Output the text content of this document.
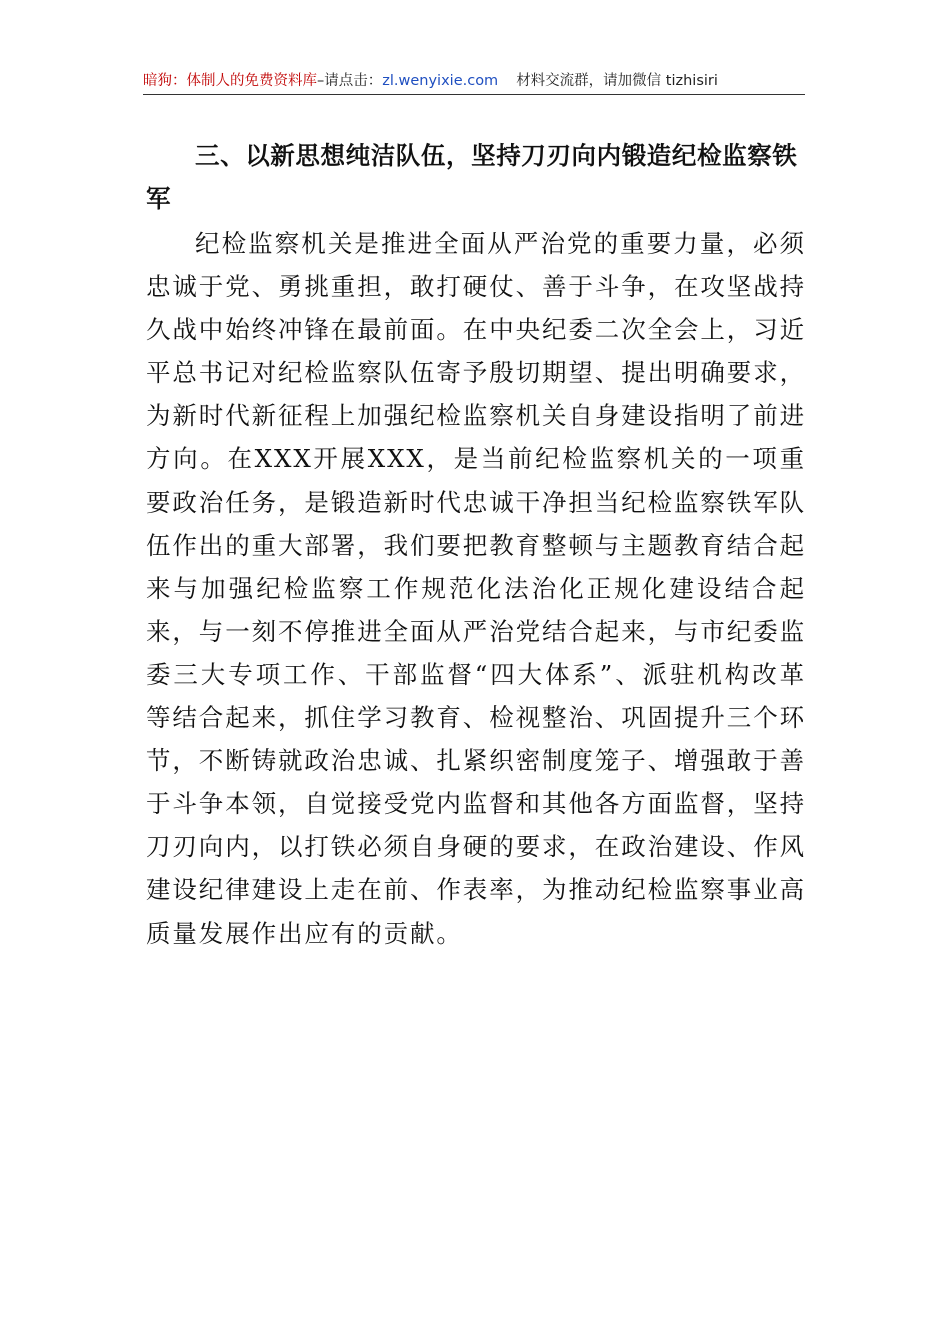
暗狗：体制人的免费资料库–请点击：zl.wenyixie.com 材料交流群，请加微信 tizhisiri
三、以新思想纯洁队伍，坚持刀刃向内锻造纪检监察铁军

纪检监察机关是推进全面从严治党的重要力量，必须忠诚于党、勇挑重担，敢打硬仗、善于斗争，在攻坚战持久战中始终冲锋在最前面。在中央纪委二次全会上，习近平总书记对纪检监察队伍寄予殷切期望、提出明确要求，为新时代新征程上加强纪检监察机关自身建设指明了前进方向。在XXX开展XXX，是当前纪检监察机关的一项重要政治任务，是锻造新时代忠诚干净担当纪检监察铁军队伍作出的重大部署，我们要把教育整顿与主题教育结合起来与加强纪检监察工作规范化法治化正规化建设结合起来，与一刻不停推进全面从严治党结合起来，与市纪委监委三大专项工作、干部监督“四大体系”、派驻机构改革等结合起来，抓住学习教育、检视整治、巩固提升三个环节，不断铸就政治忠诚、扎紧织密制度笼子、增强敢于善于斗争本领，自觉接受党内监督和其他各方面监督，坚持刀刃向内，以打铁必须自身硬的要求，在政治建设、作风建设纪律建设上走在前、作表率，为推动纪检监察事业高质量发展作出应有的贡献。
